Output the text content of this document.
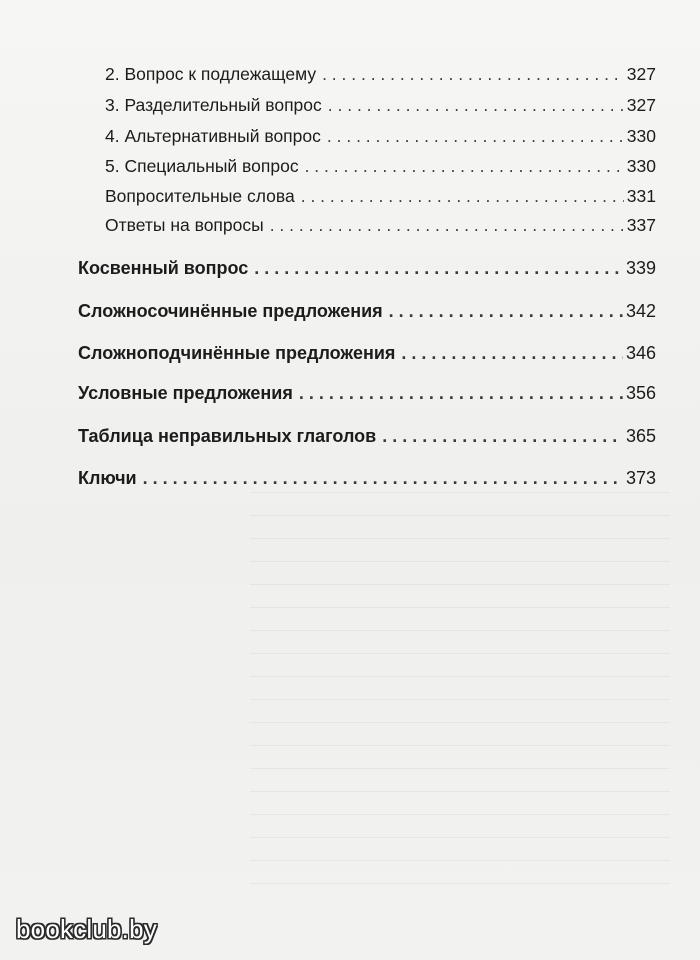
2. Вопрос к подлежащему . . .	327
3. Разделительный вопрос . . .	327
4. Альтернативный вопрос . . .	330
5. Специальный вопрос . . .	330
Вопросительные слова . . .	331
Ответы на вопросы . . .	337
Косвенный вопрос . . .	339
Сложносочинённые предложения . . .	342
Сложноподчинённые предложения . . .	346
Условные предложения . . .	356
Таблица неправильных глаголов . . .	365
Ключи . . .	373
bookclub.by
